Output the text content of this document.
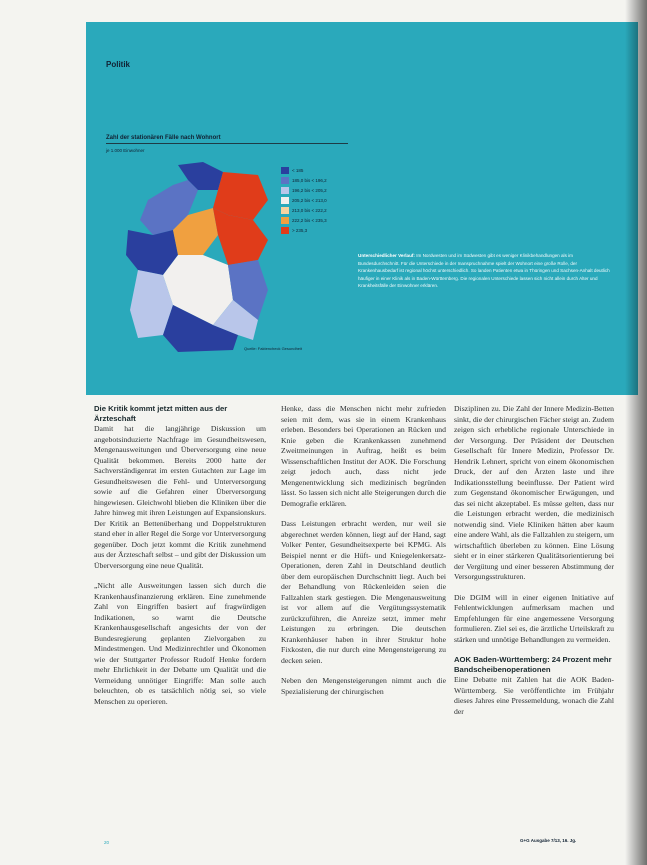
Politik
Zahl der stationären Fälle nach Wohnort
je 1.000 Einwohner
< 185
185,0 bis < 196,2
196,2 bis < 205,2
205,2 bis < 213,0
213,0 bis < 222,2
222,2 bis < 235,3
> 235,3
Quelle: Faktencheck Gesundheit
Unterschiedlicher Verlauf: Im Nordwesten und im Südwesten gibt es weniger Klinikbehandlungen als im Bundesdurchschnitt. Für die Unterschiede in der Inanspruchnahme spielt der Wohnort eine große Rolle, der Krankenhausbedarf ist regional höchst unterschiedlich. So landen Patienten etwa in Thüringen und Sachsen-Anhalt deutlich häufiger in einer Klinik als in Baden-Württemberg. Die regionalen Unterschiede lassen sich nicht allein durch Alter und Krankheitsfälle der Einwohner erklären.
Die Kritik kommt jetzt mitten aus der Ärzteschaft

Damit hat die langjährige Diskussion um angebotsinduzierte Nachfrage im Gesundheitswesen, Mengenausweitungen und Überversorgung eine neue Qualität bekommen. Bereits 2000 hatte der Sachverständigenrat im ersten Gutachten zur Lage im Gesundheitswesen die Fehl- und Unterversorgung sowie auf die Gefahren einer Überversorgung hingewiesen. Gleichwohl blieben die Kliniken über die Jahre hinweg mit ihren Leistungen auf Expansionskurs. Der Kritik an Bettenüberhang und Doppelstrukturen stand eher in aller Regel die Sorge vor Unterversorgung gegenüber. Doch jetzt kommt die Kritik zunehmend aus der Ärzteschaft selbst – und gibt der Diskussion um Überversorgung eine neue Qualität.

„Nicht alle Ausweitungen lassen sich durch die Krankenhausfinanzierung erklären. Eine zunehmende Zahl von Eingriffen basiert auf fragwürdigen Indikationen, so warnt die Deutsche Krankenhausgesellschaft angesichts der von der Bundesregierung geplanten Zielvorgaben zu Mindestmengen. Und Medizinrechtler und Ökonomen wie der Stuttgarter Professor Rudolf Henke fordern mehr Ehrlichkeit in der Debatte um Qualität und die Vermeidung unnötiger Eingriffe: Man solle auch beleuchten, ob es tatsächlich nötig sei, so viele Menschen zu operieren.

Henke, dass die Menschen nicht mehr zufrieden seien mit dem, was sie in einem Krankenhaus erleben. Besonders bei Operationen an Rücken und Knie geben die Krankenkassen zunehmend Zweitmeinungen in Auftrag, heißt es beim Wissenschaftlichen Institut der AOK. Die Forschung zeigt jedoch auch, dass nicht jede Mengenentwicklung sich medizinisch begründen lässt. So lassen sich nicht alle Steigerungen durch die Demografie erklären.

Dass Leistungen erbracht werden, nur weil sie abgerechnet werden können, liegt auf der Hand, sagt Volker Penter, Gesundheitsexperte bei KPMG. Als Beispiel nennt er die Hüft- und Kniegelenkersatz-Operationen, deren Zahl in Deutschland deutlich über dem europäischen Durchschnitt liegt. Auch bei der Behandlung von Rückenleiden seien die Fallzahlen stark gestiegen. Die Mengenausweitung ist vor allem auf die Vergütungssystematik zurückzuführen, die Anreize setzt, immer mehr Leistungen zu erbringen. Die deutschen Krankenhäuser haben in ihrer Struktur hohe Fixkosten, die nur durch eine Mengensteigerung zu decken seien.

Neben den Mengensteigerungen nimmt auch die Spezialisierung der chirurgischen

Disziplinen zu. Die Zahl der Innere Medizin-Betten sinkt, die der chirurgischen Fächer steigt an. Zudem zeigen sich erhebliche regionale Unterschiede in der Versorgung. Der Präsident der Deutschen Gesellschaft für Innere Medizin, Professor Dr. Hendrik Lehnert, spricht von einem ökonomischen Druck, der auf den Ärzten laste und ihre Indikationsstellung beeinflusse. Der Patient wird zum Gegenstand ökonomischer Erwägungen, und das sei nicht akzeptabel. Es müsse gelten, dass nur die Leistungen erbracht werden, die medizinisch notwendig sind. Viele Kliniken hätten aber kaum eine andere Wahl, als die Fallzahlen zu steigern, um wirtschaftlich überleben zu können. Eine Lösung sieht er in einer stärkeren Qualitätsorientierung bei der Vergütung und einer besseren Abstimmung der Versorgungsstrukturen.

Die DGIM will in einer eigenen Initiative auf Fehlentwicklungen aufmerksam machen und Empfehlungen für eine angemessene Versorgung formulieren. Ziel sei es, die ärztliche Urteilskraft zu stärken und unnötige Behandlungen zu vermeiden.

AOK Baden-Württemberg: 24 Prozent mehr Bandscheibenoperationen

Eine Debatte mit Zahlen hat die AOK Baden-Württemberg. Sie veröffentlichte im Frühjahr dieses Jahres eine Pressemeldung, wonach die Zahl der

20	G+G Ausgabe 7/13, 16. Jg.
